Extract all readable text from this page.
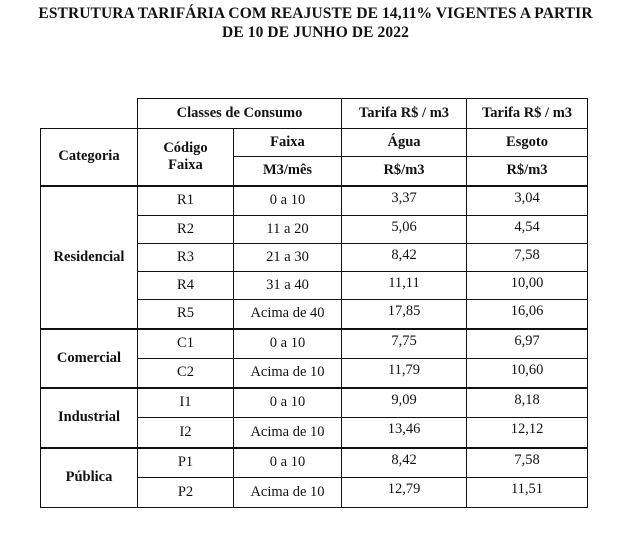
ESTRUTURA TARIFÁRIA COM REAJUSTE DE 14,11% VIGENTES A PARTIR
DE 10 DE JUNHO DE 2022
	Classes de Consumo		Tarifa R$ / m3	Tarifa R$ / m3
Categoria	Código Faixa	Faixa	Água	Esgoto
		M3/mês	R$/m3	R$/m3
Residencial	R1	0 a 10	3,37	3,04
	R2	11 a 20	5,06	4,54
	R3	21 a 30	8,42	7,58
	R4	31 a 40	11,11	10,00
	R5	Acima de 40	17,85	16,06
Comercial	C1	0 a 10	7,75	6,97
	C2	Acima de 10	11,79	10,60
Industrial	I1	0 a 10	9,09	8,18
	I2	Acima de 10	13,46	12,12
Pública	P1	0 a 10	8,42	7,58
	P2	Acima de 10	12,79	11,51
